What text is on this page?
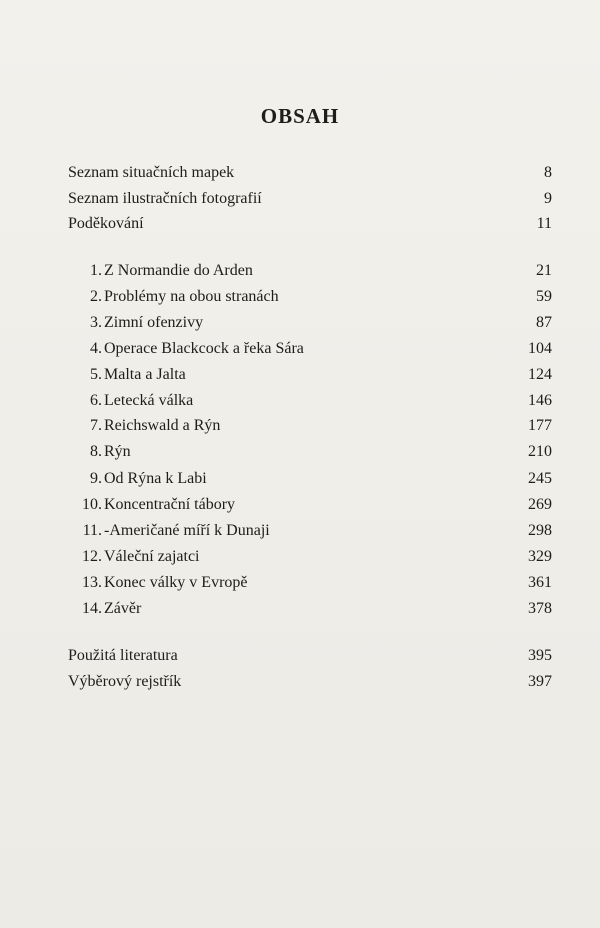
OBSAH
Seznam situačních mapek	8
Seznam ilustračních fotografií	9
Poděkování	11
1. Z Normandie do Arden	21
2. Problémy na obou stranách	59
3. Zimní ofenzivy	87
4. Operace Blackcock a řeka Sára	104
5. Malta a Jalta	124
6. Letecká válka	146
7. Reichswald a Rýn	177
8. Rýn	210
9. Od Rýna k Labi	245
10. Koncentrační tábory	269
11. -Američané míří k Dunaji	298
12. Váleční zajatci	329
13. Konec války v Evropě	361
14. Závěr	378
Použitá literatura	395
Výběrový rejstřík	397
